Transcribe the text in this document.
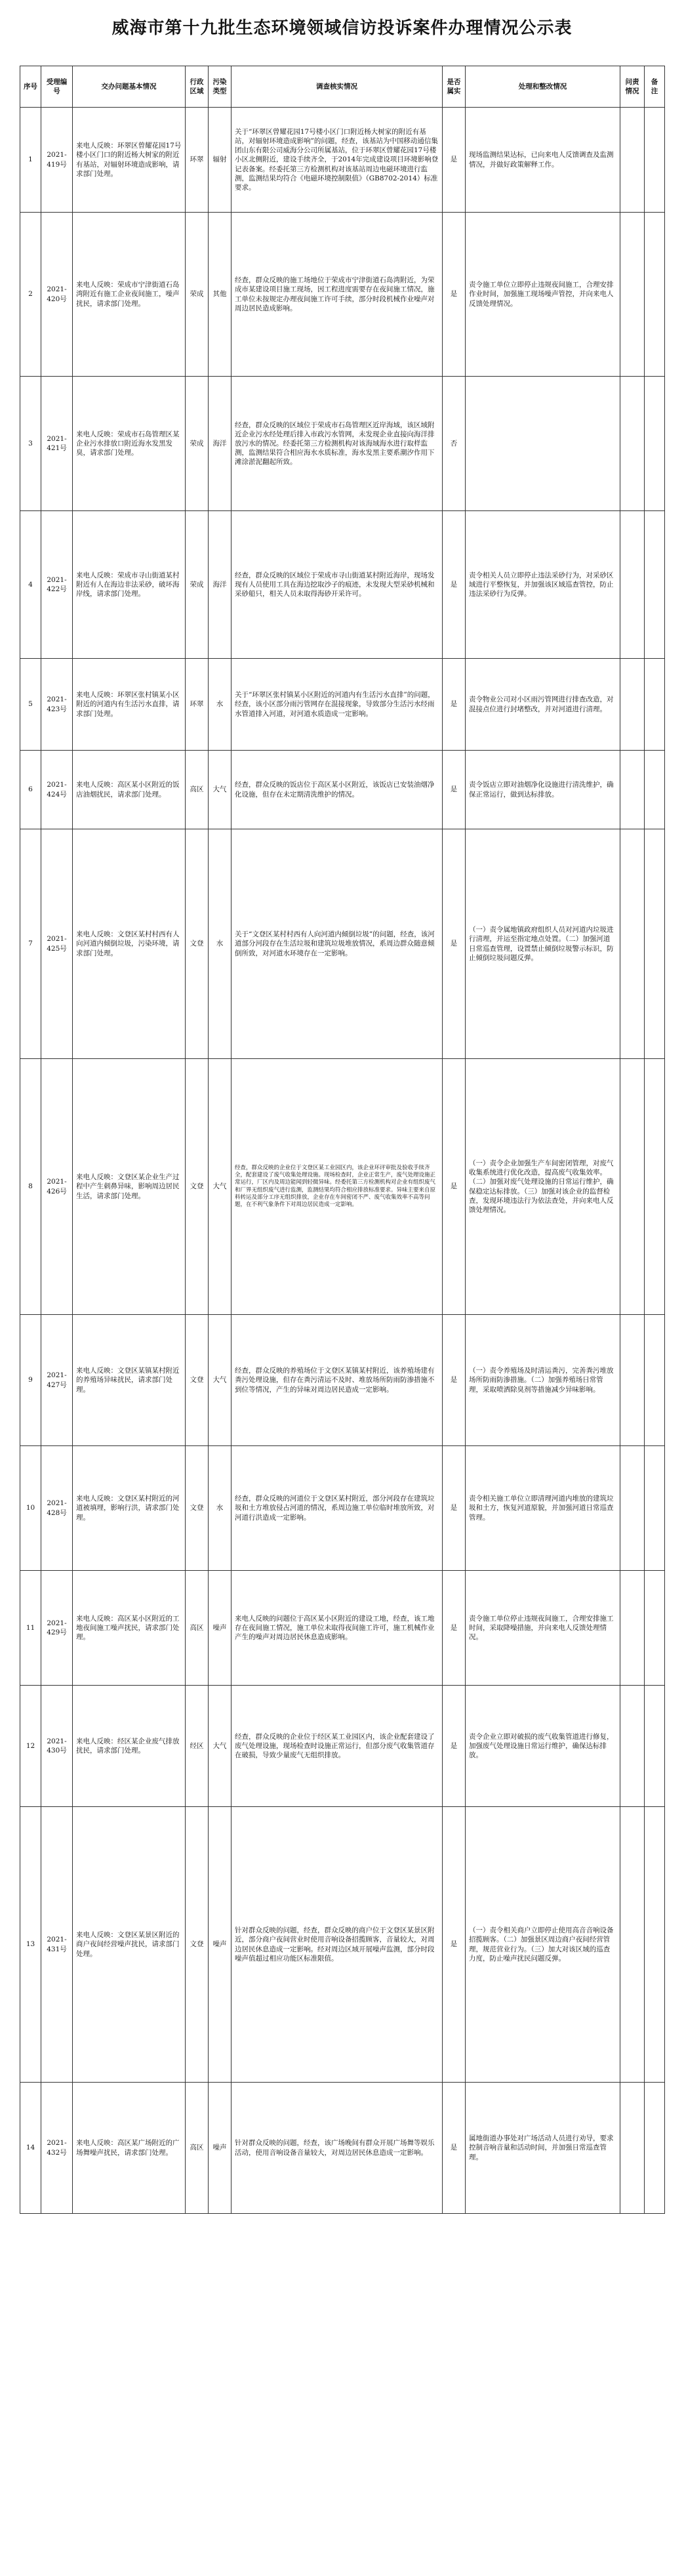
威海市第十九批生态环境领域信访投诉案件办理情况公示表
序号	受理编号	交办问题基本情况	行政区域	污染类型	调查核实情况	是否属实	处理和整改情况	问责情况	备注
1	2021-419号	来电人反映：环翠区曾耀花园17号楼小区门口的附近杨大树家的附近有基站，对辐射环境造成影响，请求部门处理。	环翠	辐射	关于“环翠区曾耀花园17号楼小区门口附近杨大树家的附近有基站，对辐射环境造成影响”的问题，经查，该基站为中国移动通信集团山东有限公司威海分公司所属基站，位于环翠区曾耀花园17号楼小区北侧附近，建设手续齐全，于2014年完成建设项目环境影响登记表备案。经委托第三方检测机构对该基站周边电磁环境进行监测，监测结果均符合《电磁环境控制限值》（GB8702-2014）标准要求。	是	现场监测结果达标，已向来电人反馈调查及监测情况，并做好政策解释工作。		
2	2021-420号	来电人反映：荣成市宁津街道石岛湾附近有施工企业夜间施工，噪声扰民，请求部门处理。	荣成	其他	经查，群众反映的施工场地位于荣成市宁津街道石岛湾附近，为荣成市某建设项目施工现场，因工程进度需要存在夜间施工情况，施工单位未按规定办理夜间施工许可手续，部分时段机械作业噪声对周边居民造成影响。	是	责令施工单位立即停止违规夜间施工，合理安排作业时间，加强施工现场噪声管控，并向来电人反馈处理情况。		
3	2021-421号	来电人反映：荣成市石岛管理区某企业污水排放口附近海水发黑发臭，请求部门处理。	荣成	海洋	经查，群众反映的区域位于荣成市石岛管理区近岸海域，该区域附近企业污水经处理后排入市政污水管网，未发现企业直接向海洋排放污水的情况。经委托第三方检测机构对该海域海水进行取样监测，监测结果符合相应海水水质标准，海水发黑主要系潮汐作用下滩涂淤泥翻起所致。	否			
4	2021-422号	来电人反映：荣成市寻山街道某村附近有人在海边非法采砂，破坏海岸线，请求部门处理。	荣成	海洋	经查，群众反映的区域位于荣成市寻山街道某村附近海岸，现场发现有人员使用工具在海边挖取沙子的痕迹，未发现大型采砂机械和采砂船只，相关人员未取得海砂开采许可。	是	责令相关人员立即停止违法采砂行为，对采砂区域进行平整恢复，并加强该区域巡查管控，防止违法采砂行为反弹。		
5	2021-423号	来电人反映：环翠区张村镇某小区附近的河道内有生活污水直排，请求部门处理。	环翠	水	关于“环翠区张村镇某小区附近的河道内有生活污水直排”的问题，经查，该小区部分雨污管网存在混接现象，导致部分生活污水经雨水管道排入河道，对河道水质造成一定影响。	是	责令物业公司对小区雨污管网进行排查改造，对混接点位进行封堵整改，并对河道进行清理。		
6	2021-424号	来电人反映：高区某小区附近的饭店油烟扰民，请求部门处理。	高区	大气	经查，群众反映的饭店位于高区某小区附近，该饭店已安装油烟净化设施，但存在未定期清洗维护的情况。	是	责令饭店立即对油烟净化设施进行清洗维护，确保正常运行，做到达标排放。		
7	2021-425号	来电人反映：文登区某村村西有人向河道内倾倒垃圾，污染环境，请求部门处理。	文登	水	关于“文登区某村村西有人向河道内倾倒垃圾”的问题，经查，该河道部分河段存在生活垃圾和建筑垃圾堆放情况，系周边群众随意倾倒所致，对河道水环境存在一定影响。	是	（一）责令属地镇政府组织人员对河道内垃圾进行清理，并运至指定地点处置。（二）加强河道日常巡查管理，设置禁止倾倒垃圾警示标识，防止倾倒垃圾问题反弹。		
8	2021-426号	来电人反映：文登区某企业生产过程中产生刺鼻异味，影响周边居民生活，请求部门处理。	文登	大气	经查，群众反映的企业位于文登区某工业园区内，该企业环评审批及验收手续齐全，配套建设了废气收集处理设施。现场检查时，企业正常生产，废气处理设施正常运行，厂区内及周边能闻到轻微异味。经委托第三方检测机构对企业有组织废气和厂界无组织废气进行监测，监测结果均符合相应排放标准要求。异味主要来自原料转运及部分工序无组织排放，企业存在车间密闭不严、废气收集效率不高等问题，在不利气象条件下对周边居民造成一定影响。	是	（一）责令企业加强生产车间密闭管理，对废气收集系统进行优化改造，提高废气收集效率。（二）加强对废气处理设施的日常运行维护，确保稳定达标排放。（三）加强对该企业的监督检查，发现环境违法行为依法查处，并向来电人反馈处理情况。		
9	2021-427号	来电人反映：文登区某镇某村附近的养殖场异味扰民，请求部门处理。	文登	大气	经查，群众反映的养殖场位于文登区某镇某村附近，该养殖场建有粪污处理设施，但存在粪污清运不及时、堆放场所防雨防渗措施不到位等情况，产生的异味对周边居民造成一定影响。	是	（一）责令养殖场及时清运粪污，完善粪污堆放场所防雨防渗措施。（二）加强养殖场日常管理，采取喷洒除臭剂等措施减少异味影响。		
10	2021-428号	来电人反映：文登区某村附近的河道被填埋，影响行洪，请求部门处理。	文登	水	经查，群众反映的河道位于文登区某村附近，部分河段存在建筑垃圾和土方堆放侵占河道的情况，系周边施工单位临时堆放所致，对河道行洪造成一定影响。	是	责令相关施工单位立即清理河道内堆放的建筑垃圾和土方，恢复河道原貌，并加强河道日常巡查管理。		
11	2021-429号	来电人反映：高区某小区附近的工地夜间施工噪声扰民，请求部门处理。	高区	噪声	来电人反映的问题位于高区某小区附近的建设工地，经查，该工地存在夜间施工情况，施工单位未取得夜间施工许可，施工机械作业产生的噪声对周边居民休息造成影响。	是	责令施工单位停止违规夜间施工，合理安排施工时间，采取降噪措施，并向来电人反馈处理情况。		
12	2021-430号	来电人反映：经区某企业废气排放扰民，请求部门处理。	经区	大气	经查，群众反映的企业位于经区某工业园区内，该企业配套建设了废气处理设施，现场检查时设施正常运行，但部分废气收集管道存在破损，导致少量废气无组织排放。	是	责令企业立即对破损的废气收集管道进行修复，加强废气处理设施日常运行维护，确保达标排放。		
13	2021-431号	来电人反映：文登区某景区附近的商户夜间经营噪声扰民，请求部门处理。	文登	噪声	针对群众反映的问题，经查，群众反映的商户位于文登区某景区附近，部分商户夜间营业时使用音响设备招揽顾客，音量较大，对周边居民休息造成一定影响。经对周边区域开展噪声监测，部分时段噪声值超过相应功能区标准限值。	是	（一）责令相关商户立即停止使用高音音响设备招揽顾客。（二）加强景区周边商户夜间经营管理，规范营业行为。（三）加大对该区域的巡查力度，防止噪声扰民问题反弹。		
14	2021-432号	来电人反映：高区某广场附近的广场舞噪声扰民，请求部门处理。	高区	噪声	针对群众反映的问题，经查，该广场晚间有群众开展广场舞等娱乐活动，使用音响设备音量较大，对周边居民休息造成一定影响。	是	属地街道办事处对广场活动人员进行劝导，要求控制音响音量和活动时间，并加强日常巡查管理。		
